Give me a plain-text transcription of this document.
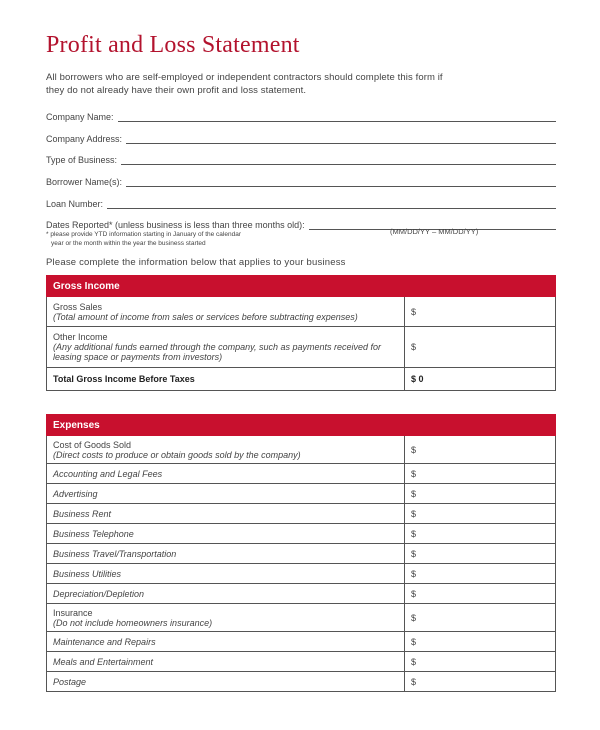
Profit and Loss Statement
All borrowers who are self-employed or independent contractors should complete this form if they do not already have their own profit and loss statement.
Company Name:
Company Address:
Type of Business:
Borrower Name(s):
Loan Number:
Dates Reported* (unless business is less than three months old):
* please provide YTD information starting in January of the calendar
year or the month within the year the business started
(MM/DD/YY – MM/DD/YY)
Please complete the information below that applies to your business
Gross Income	

Gross Sales
(Total amount of income from sales or services before subtracting expenses)	$

Other Income
(Any additional funds earned through the company, such as payments received for leasing space or payments from investors)	$
Total Gross Income Before Taxes	$ 0
Expenses	

Cost of Goods Sold
(Direct costs to produce or obtain goods sold by the company)	$
Accounting and Legal Fees	$
Advertising	$
Business Rent	$
Business Telephone	$
Business Travel/Transportation	$
Business Utilities	$
Depreciation/Depletion	$

Insurance
(Do not include homeowners insurance)	$
Maintenance and Repairs	$
Meals and Entertainment	$
Postage	$
